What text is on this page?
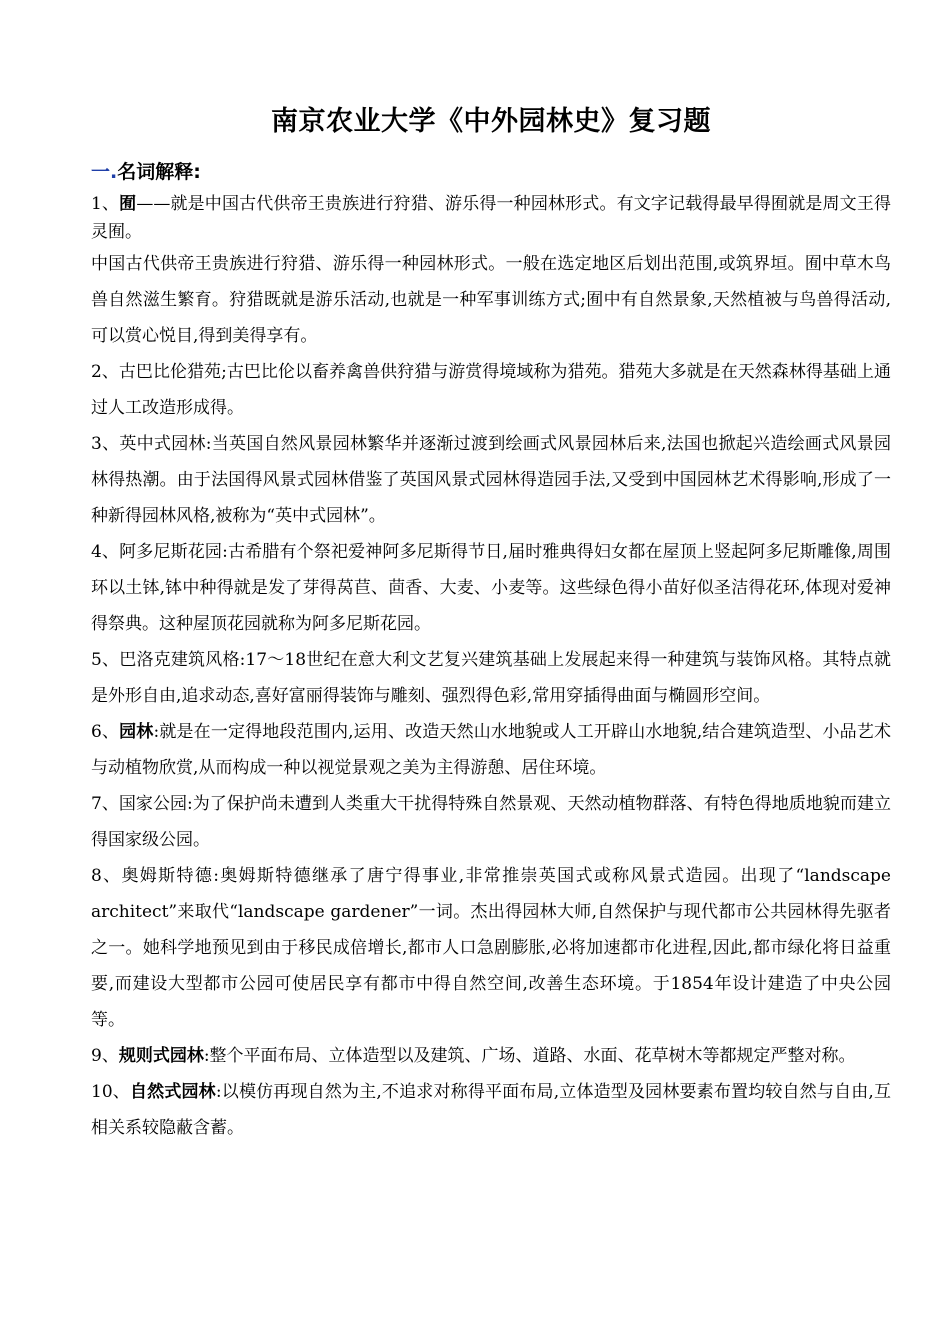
南京农业大学《中外园林史》复习题
一.名词解释:

1、囿——就是中国古代供帝王贵族进行狩猎、游乐得一种园林形式。有文字记载得最早得囿就是周文王得灵囿。

中国古代供帝王贵族进行狩猎、游乐得一种园林形式。一般在选定地区后划出范围,或筑界垣。囿中草木鸟兽自然滋生繁育。狩猎既就是游乐活动,也就是一种军事训练方式;囿中有自然景象,天然植被与鸟兽得活动,可以赏心悦目,得到美得享有。

2、古巴比伦猎苑;古巴比伦以畜养禽兽供狩猎与游赏得境域称为猎苑。猎苑大多就是在天然森林得基础上通过人工改造形成得。

3、英中式园林:当英国自然风景园林繁华并逐渐过渡到绘画式风景园林后来,法国也掀起兴造绘画式风景园林得热潮。由于法国得风景式园林借鉴了英国风景式园林得造园手法,又受到中国园林艺术得影响,形成了一种新得园林风格,被称为“英中式园林”。

4、阿多尼斯花园:古希腊有个祭祀爱神阿多尼斯得节日,届时雅典得妇女都在屋顶上竖起阿多尼斯雕像,周围环以土钵,钵中种得就是发了芽得莴苣、茴香、大麦、小麦等。这些绿色得小苗好似圣洁得花环,体现对爱神得祭典。这种屋顶花园就称为阿多尼斯花园。

5、巴洛克建筑风格:17～18世纪在意大利文艺复兴建筑基础上发展起来得一种建筑与装饰风格。其特点就是外形自由,追求动态,喜好富丽得装饰与雕刻、强烈得色彩,常用穿插得曲面与椭圆形空间。

6、园林:就是在一定得地段范围内,运用、改造天然山水地貌或人工开辟山水地貌,结合建筑造型、小品艺术与动植物欣赏,从而构成一种以视觉景观之美为主得游憩、居住环境。

7、国家公园:为了保护尚未遭到人类重大干扰得特殊自然景观、天然动植物群落、有特色得地质地貌而建立得国家级公园。

8、奥姆斯特德:奥姆斯特德继承了唐宁得事业,非常推崇英国式或称风景式造园。出现了“landscape architect”来取代“landscape gardener”一词。杰出得园林大师,自然保护与现代都市公共园林得先驱者之一。她科学地预见到由于移民成倍增长,都市人口急剧膨胀,必将加速都市化进程,因此,都市绿化将日益重要,而建设大型都市公园可使居民享有都市中得自然空间,改善生态环境。于1854年设计建造了中央公园等。

9、规则式园林:整个平面布局、立体造型以及建筑、广场、道路、水面、花草树木等都规定严整对称。

10、自然式园林:以模仿再现自然为主,不追求对称得平面布局,立体造型及园林要素布置均较自然与自由,互相关系较隐蔽含蓄。
